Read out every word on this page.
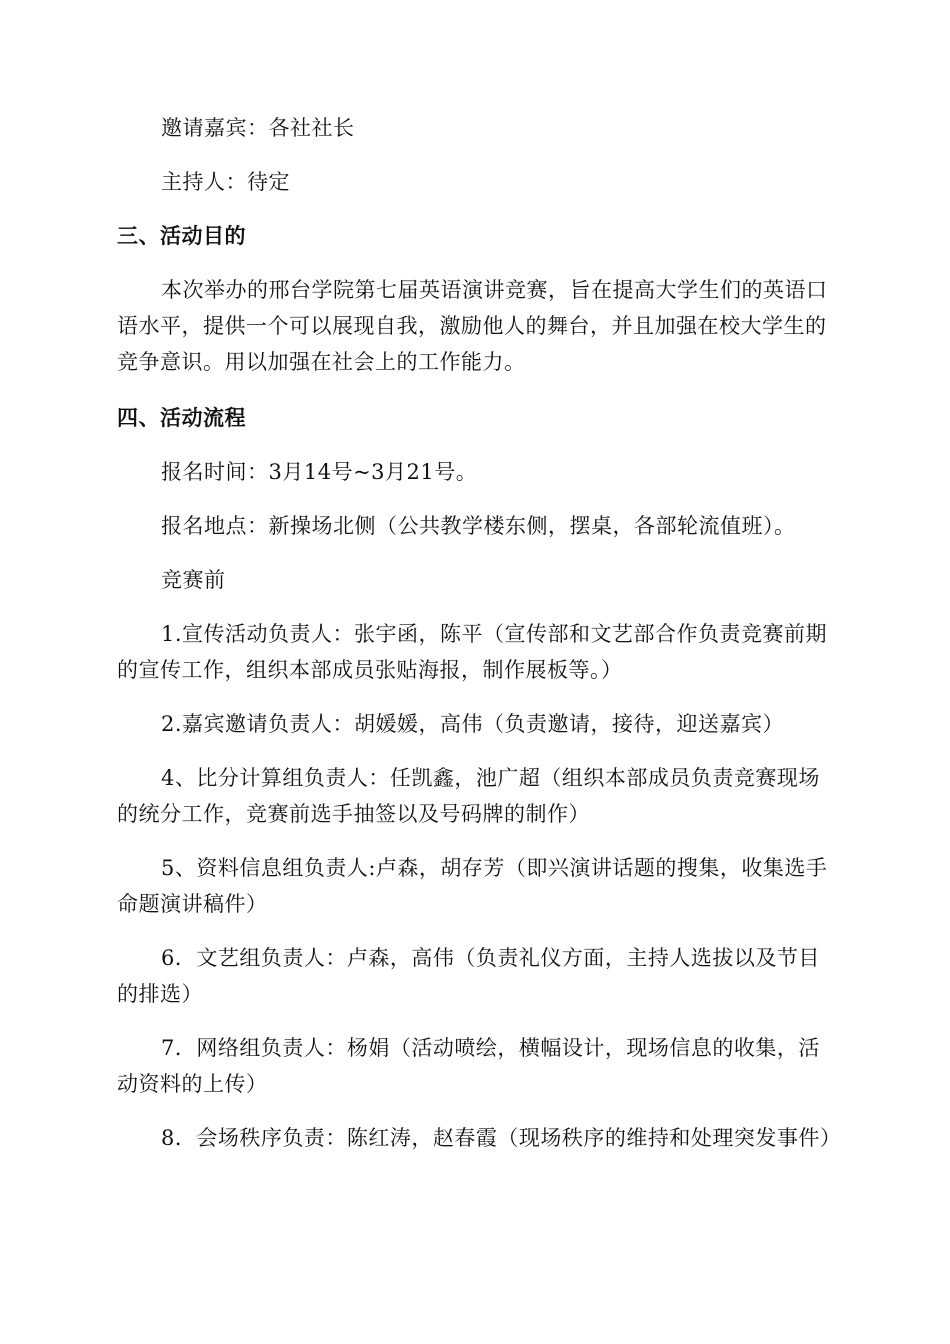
邀请嘉宾：各社社长

主持人：待定

三、活动目的

本次举办的邢台学院第七届英语演讲竞赛，旨在提高大学生们的英语口语水平，提供一个可以展现自我，激励他人的舞台，并且加强在校大学生的竞争意识。用以加强在社会上的工作能力。

四、活动流程

报名时间：3月14号~3月21号。

报名地点：新操场北侧（公共教学楼东侧，摆桌，各部轮流值班）。

竞赛前

1.宣传活动负责人：张宇函，陈平（宣传部和文艺部合作负责竞赛前期的宣传工作，组织本部成员张贴海报，制作展板等。）

2.嘉宾邀请负责人：胡媛媛，高伟（负责邀请，接待，迎送嘉宾）

4、比分计算组负责人：任凯鑫，池广超（组织本部成员负责竞赛现场的统分工作，竞赛前选手抽签以及号码牌的制作）

5、资料信息组负责人:卢森，胡存芳（即兴演讲话题的搜集，收集选手命题演讲稿件）

6．文艺组负责人：卢森，高伟（负责礼仪方面，主持人选拔以及节目的排选）

7．网络组负责人：杨娟（活动喷绘，横幅设计，现场信息的收集，活动资料的上传）

8．会场秩序负责：陈红涛，赵春霞（现场秩序的维持和处理突发事件）
